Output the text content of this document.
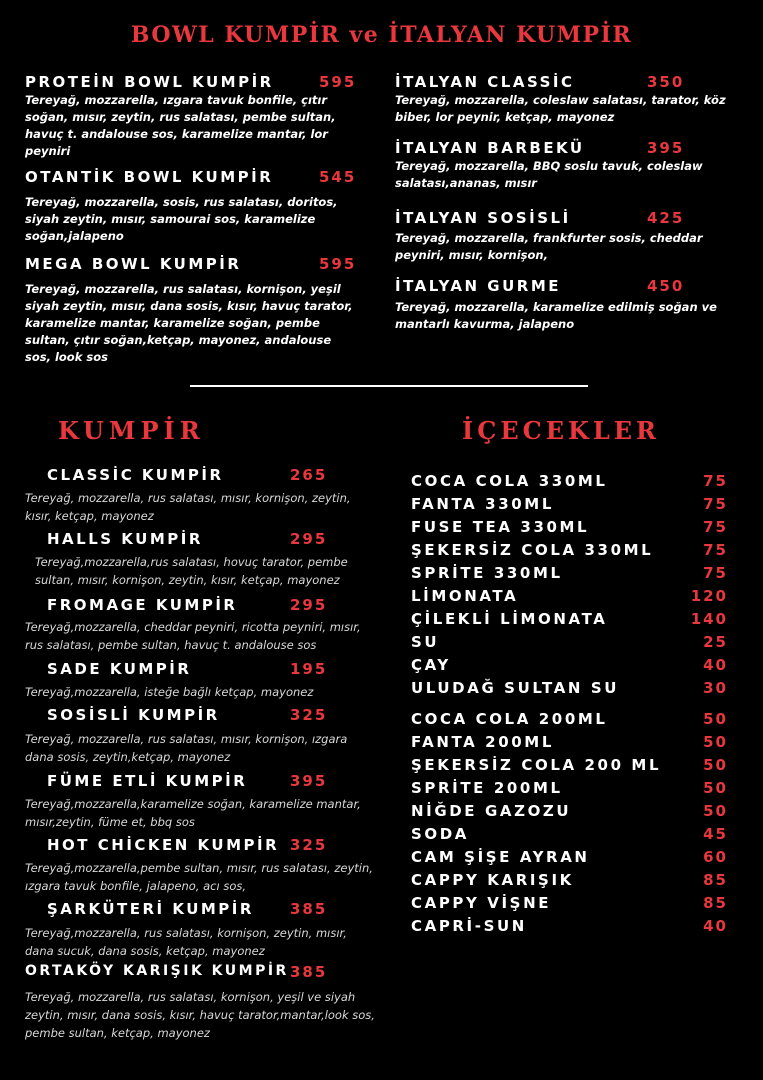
BOWL KUMPİR ve İTALYAN KUMPİR
PROTEİN BOWL KUMPİR	595
Tereyağ, mozzarella, ızgara tavuk bonfile, çıtır soğan, mısır, zeytin, rus salatası, pembe sultan, havuç t. andalouse sos, karamelize mantar, lor peyniri
OTANTİK BOWL KUMPİR	545
Tereyağ, mozzarella, sosis, rus salatası, doritos, siyah zeytin, mısır, samourai sos, karamelize soğan,jalapeno
MEGA BOWL KUMPİR	595
Tereyağ, mozzarella, rus salatası, kornişon, yeşil siyah zeytin, mısır, dana sosis, kısır, havuç tarator, karamelize mantar, karamelize soğan, pembe sultan, çıtır soğan,ketçap, mayonez, andalouse sos, look sos
İTALYAN CLASSİC	350
Tereyağ, mozzarella, coleslaw salatası, tarator, köz biber, lor peynir, ketçap, mayonez
İTALYAN BARBEKÜ	395
Tereyağ, mozzarella, BBQ soslu tavuk, coleslaw salatası,ananas, mısır
İTALYAN SOSİSLİ	425
Tereyağ, mozzarella, frankfurter sosis, cheddar peyniri, mısır, kornişon,
İTALYAN GURME	450
Tereyağ, mozzarella, karamelize edilmiş soğan ve mantarlı kavurma, jalapeno
KUMPİR
CLASSİC KUMPİR	265
Tereyağ, mozzarella, rus salatası, mısır, kornişon, zeytin, kısır, ketçap, mayonez
HALLS KUMPİR	295
Tereyağ,mozzarella,rus salatası, hovuç tarator, pembe sultan, mısır, kornişon, zeytin, kısır, ketçap, mayonez
FROMAGE KUMPİR	295
Tereyağ,mozzarella, cheddar peyniri, ricotta peyniri, mısır, rus salatası, pembe sultan, havuç t. andalouse sos
SADE KUMPİR	195
Tereyağ,mozzarella, isteğe bağlı ketçap, mayonez
SOSİSLİ KUMPİR	325
Tereyağ, mozzarella, rus salatası, mısır, kornişon, ızgara dana sosis, zeytin,ketçap, mayonez
FÜME ETLİ KUMPİR	395
Tereyağ,mozzarella,karamelize soğan, karamelize mantar, mısır,zeytin, füme et, bbq sos
HOT CHİCKEN KUMPİR 325
Tereyağ,mozzarella,pembe sultan, mısır, rus salatası, zeytin, ızgara tavuk bonfile, jalapeno, acı sos,
ŞARKÜTERİ KUMPİR 385
Tereyağ,mozzarella, rus salatası, kornişon, zeytin, mısır, dana sucuk, dana sosis, ketçap, mayonez
ORTAKÖY KARIŞIK KUMPİR 385
Tereyağ, mozzarella, rus salatası, kornişon, yeşil ve siyah zeytin, mısır, dana sosis, kısır, havuç tarator,mantar,look sos, pembe sultan, ketçap, mayonez
İÇECEKLER
COCA COLA 330ML	75
FANTA 330ML	75
FUSE TEA 330ML	75
ŞEKERSİZ COLA 330ML	75
SPRİTE 330ML	75
LİMONATA	120
ÇİLEKLİ LİMONATA	140
SU	25
ÇAY	40
ULUDAĞ SULTAN SU	30
COCA COLA 200ML	50
FANTA 200ML	50
ŞEKERSİZ COLA 200 ML	50
SPRİTE 200ML	50
NİĞDE GAZOZU	50
SODA	45
CAM ŞİŞE AYRAN	60
CAPPY KARIŞIK	85
CAPPY VİŞNE	85
CAPRİ-SUN	40
